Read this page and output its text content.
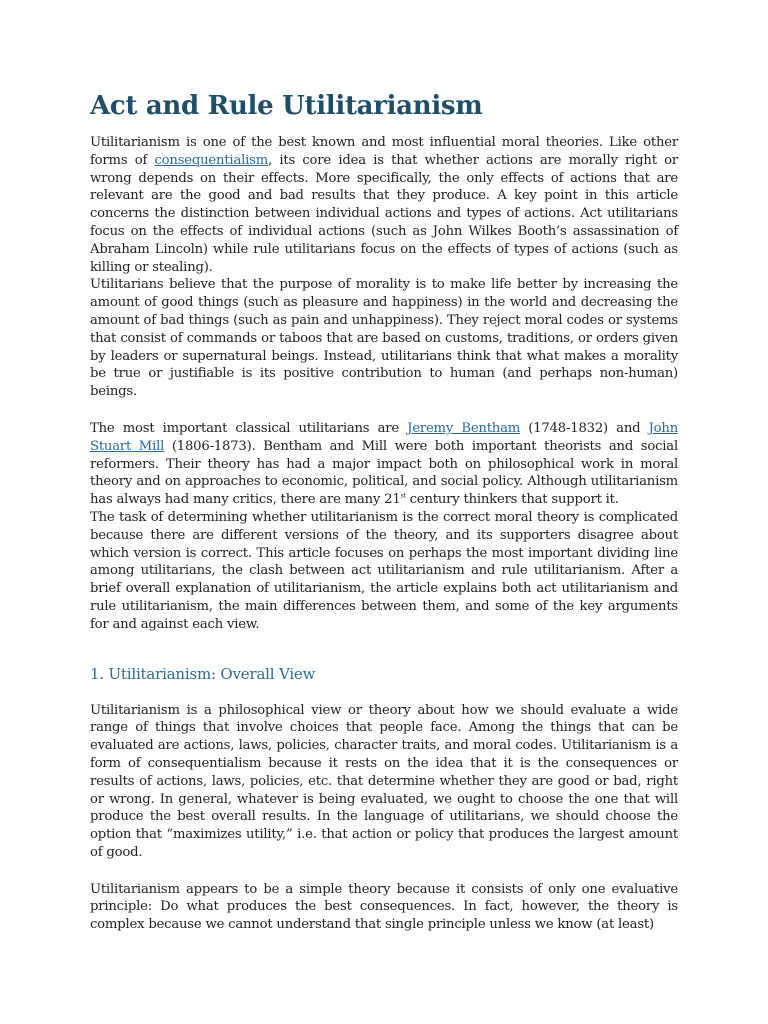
Act and Rule Utilitarianism

Utilitarianism is one of the best known and most influential moral theories. Like other forms of consequentialism, its core idea is that whether actions are morally right or wrong depends on their effects. More specifically, the only effects of actions that are relevant are the good and bad results that they produce. A key point in this article concerns the distinction between individual actions and types of actions. Act utilitarians focus on the effects of individual actions (such as John Wilkes Booth’s assassination of Abraham Lincoln) while rule utilitarians focus on the effects of types of actions (such as killing or stealing).

Utilitarians believe that the purpose of morality is to make life better by increasing the amount of good things (such as pleasure and happiness) in the world and decreasing the amount of bad things (such as pain and unhappiness). They reject moral codes or systems that consist of commands or taboos that are based on customs, traditions, or orders given by leaders or supernatural beings. Instead, utilitarians think that what makes a morality be true or justifiable is its positive contribution to human (and perhaps non-human) beings.

The most important classical utilitarians are Jeremy Bentham (1748-1832) and John Stuart Mill (1806-1873). Bentham and Mill were both important theorists and social reformers. Their theory has had a major impact both on philosophical work in moral theory and on approaches to economic, political, and social policy. Although utilitarianism has always had many critics, there are many 21st century thinkers that support it.

The task of determining whether utilitarianism is the correct moral theory is complicated because there are different versions of the theory, and its supporters disagree about which version is correct. This article focuses on perhaps the most important dividing line among utilitarians, the clash between act utilitarianism and rule utilitarianism. After a brief overall explanation of utilitarianism, the article explains both act utilitarianism and rule utilitarianism, the main differences between them, and some of the key arguments for and against each view.

1. Utilitarianism: Overall View

Utilitarianism is a philosophical view or theory about how we should evaluate a wide range of things that involve choices that people face. Among the things that can be evaluated are actions, laws, policies, character traits, and moral codes. Utilitarianism is a form of consequentialism because it rests on the idea that it is the consequences or results of actions, laws, policies, etc. that determine whether they are good or bad, right or wrong. In general, whatever is being evaluated, we ought to choose the one that will produce the best overall results. In the language of utilitarians, we should choose the option that “maximizes utility,” i.e. that action or policy that produces the largest amount of good.

Utilitarianism appears to be a simple theory because it consists of only one evaluative principle: Do what produces the best consequences. In fact, however, the theory is complex because we cannot understand that single principle unless we know (at least)
